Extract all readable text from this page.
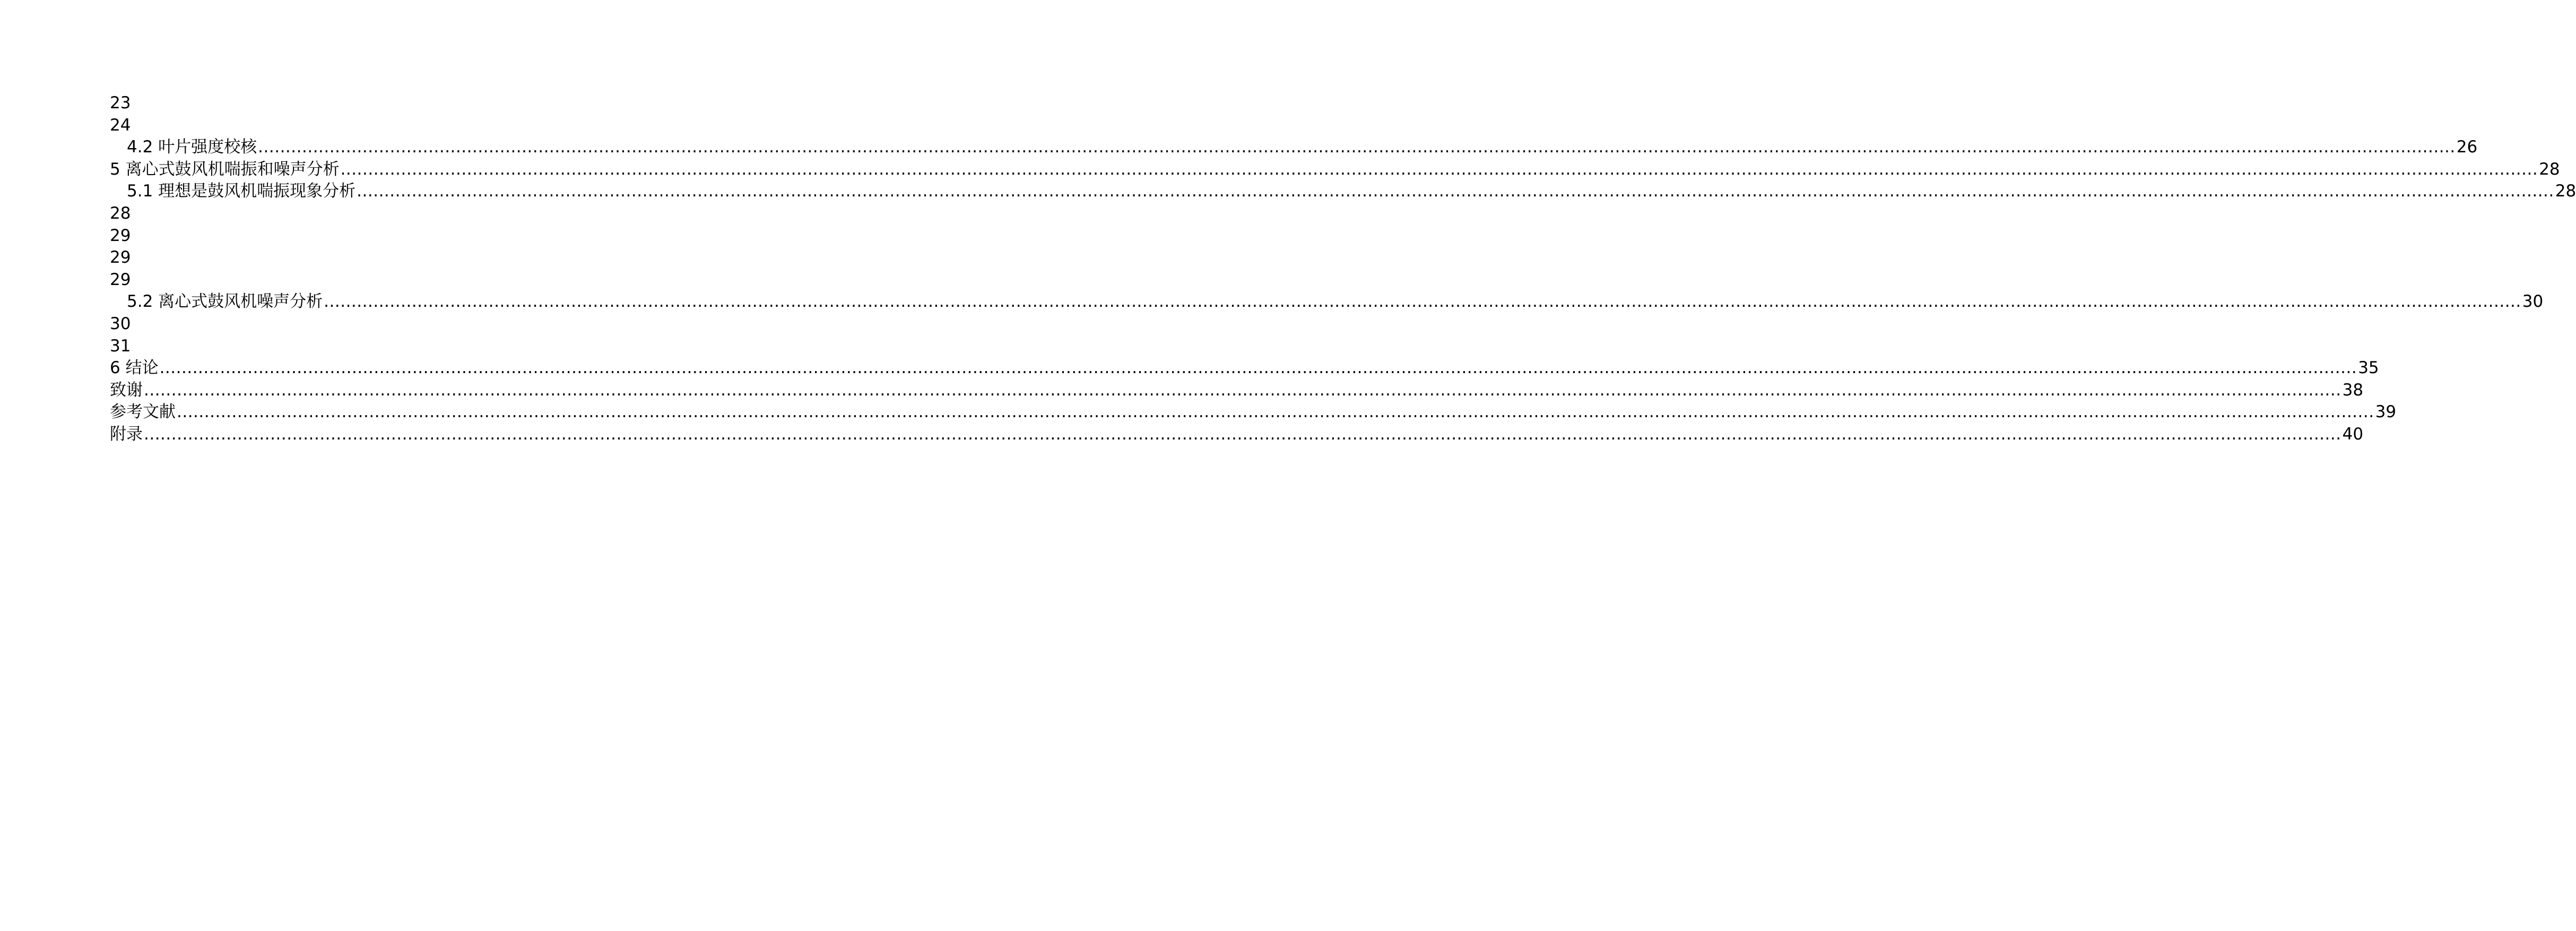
23
24
4.2 叶片强度校核 ................................................................................................................................................................................................................................................................................................................................................................................................................ 26
5 离心式鼓风机喘振和噪声分析 ................................................................................................................................................................................................................................................................................................................................................................................................................ 28
5.1 理想是鼓风机喘振现象分析 ................................................................................................................................................................................................................................................................................................................................................................................................................ 28
28
29
29
29
5.2 离心式鼓风机噪声分析 ................................................................................................................................................................................................................................................................................................................................................................................................................ 30
30
31
6 结论 ................................................................................................................................................................................................................................................................................................................................................................................................................ 35
致谢 ................................................................................................................................................................................................................................................................................................................................................................................................................ 38
参考文献 ................................................................................................................................................................................................................................................................................................................................................................................................................ 39
附录 ................................................................................................................................................................................................................................................................................................................................................................................................................ 40
